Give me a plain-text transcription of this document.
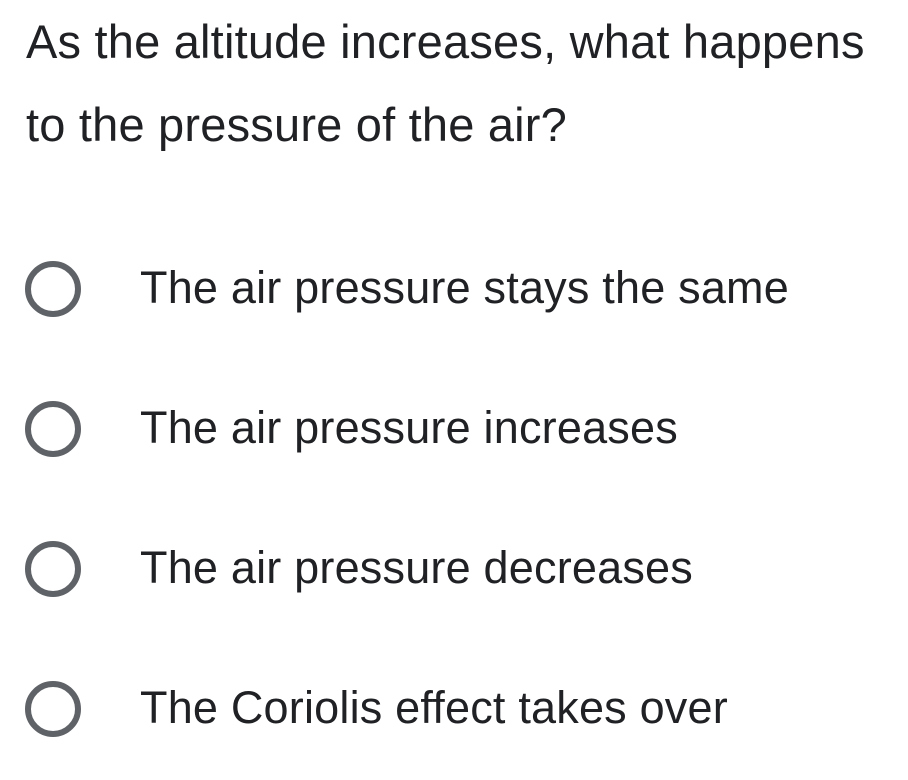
As the altitude increases, what happens to the pressure of the air?
The air pressure stays the same
The air pressure increases
The air pressure decreases
The Coriolis effect takes over
